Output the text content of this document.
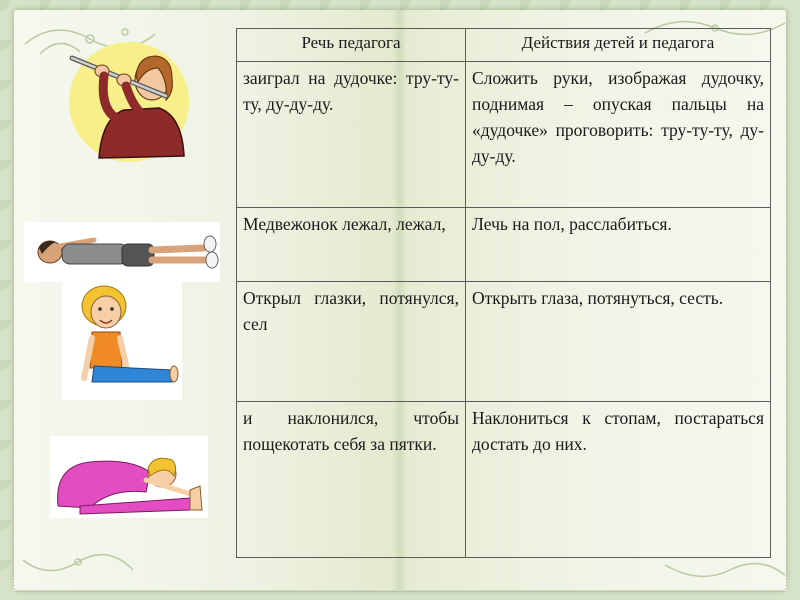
Речь педагога	Действия детей и педагога
заиграл на дудочке: тру-ту-ту, ду-ду-ду.	Сложить руки, изображая дудочку, поднимая – опуская пальцы на «дудочке» проговорить: тру-ту-ту, ду-ду-ду.
Медвежонок лежал, лежал,	Лечь на пол, расслабиться.
Открыл глазки, потянулся, сел	Открыть глаза, потянуться, сесть.
и наклонился, чтобы пощекотать себя за пятки.	Наклониться к стопам, постараться достать до них.
